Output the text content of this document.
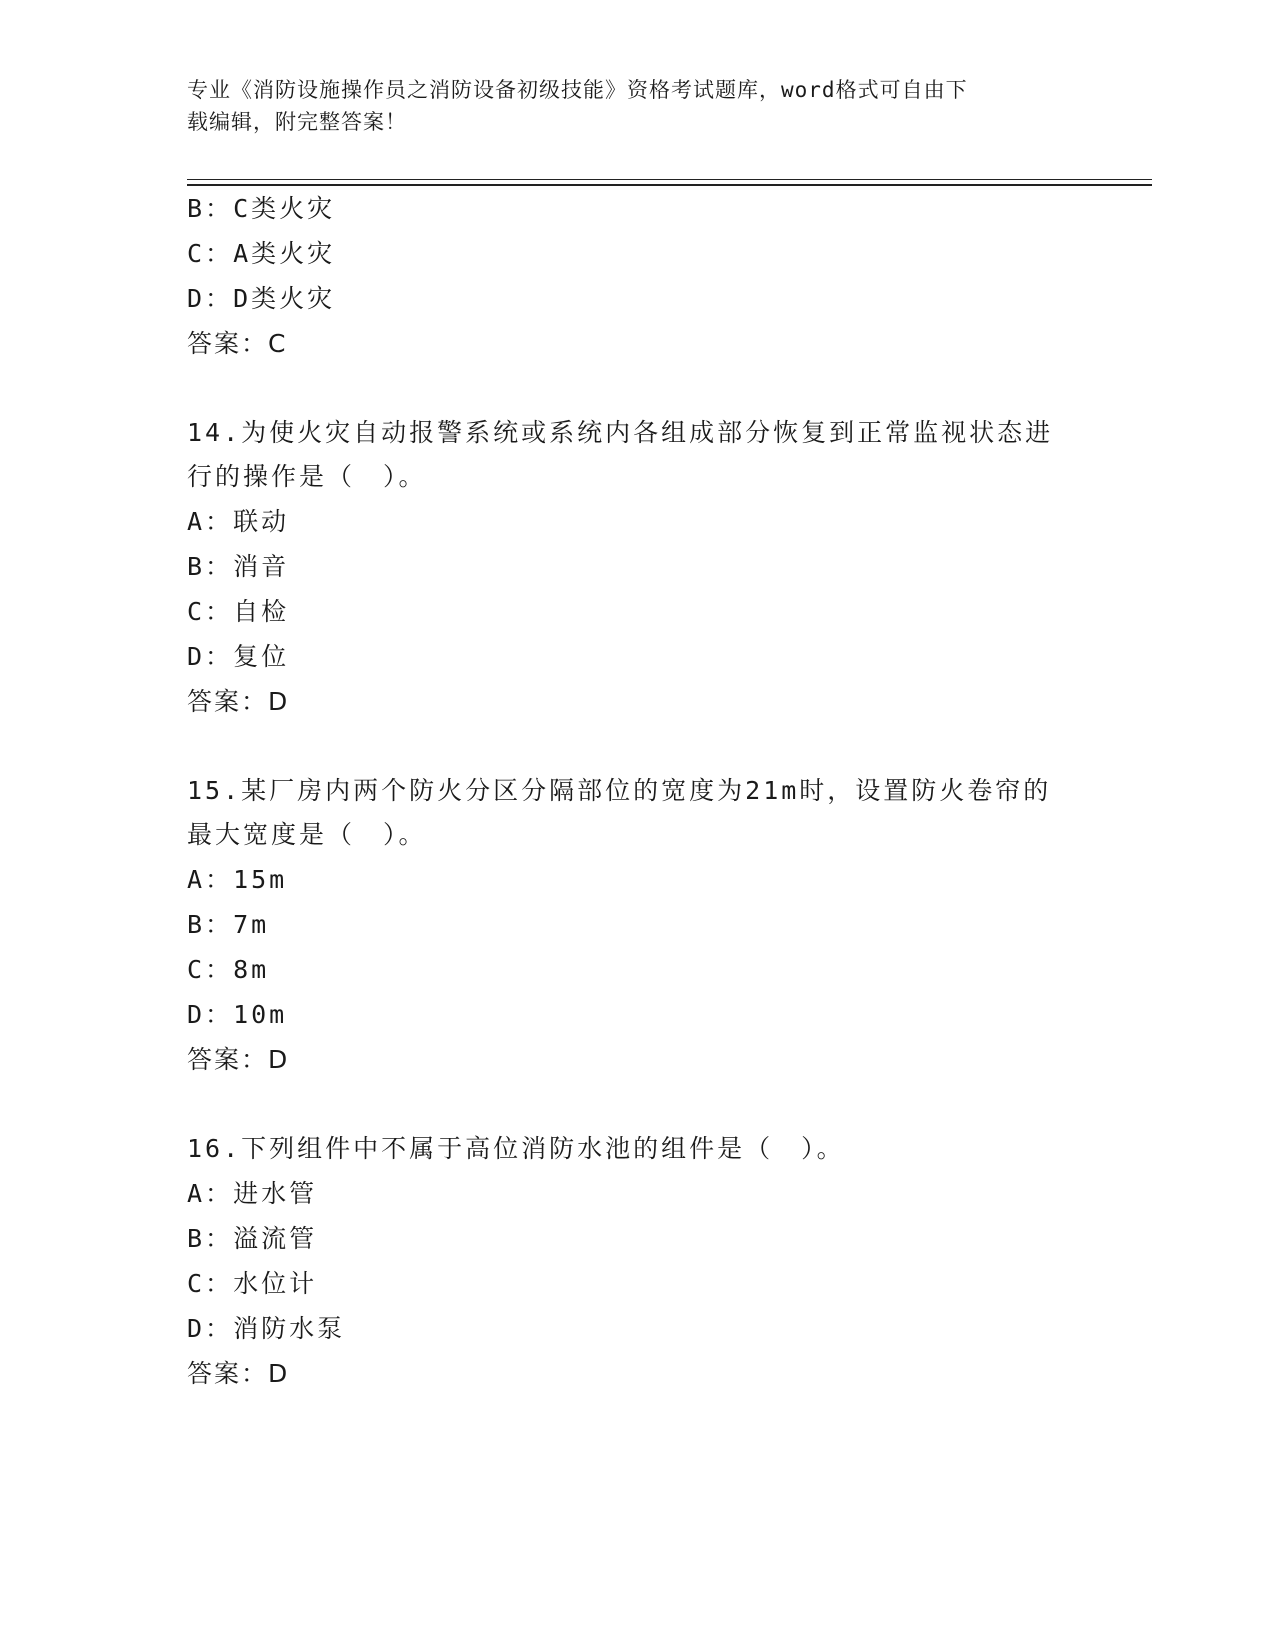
专业《消防设施操作员之消防设备初级技能》资格考试题库，word格式可自由下
载编辑，附完整答案！
B：C类火灾
C：A类火灾
D：D类火灾
答案：C
14.为使火灾自动报警系统或系统内各组成部分恢复到正常监视状态进
行的操作是（　）。
A：联动
B：消音
C：自检
D：复位
答案：D
15.某厂房内两个防火分区分隔部位的宽度为21m时，设置防火卷帘的
最大宽度是（　）。
A：15m
B：7m
C：8m
D：10m
答案：D
16.下列组件中不属于高位消防水池的组件是（　）。
A：进水管
B：溢流管
C：水位计
D：消防水泵
答案：D
